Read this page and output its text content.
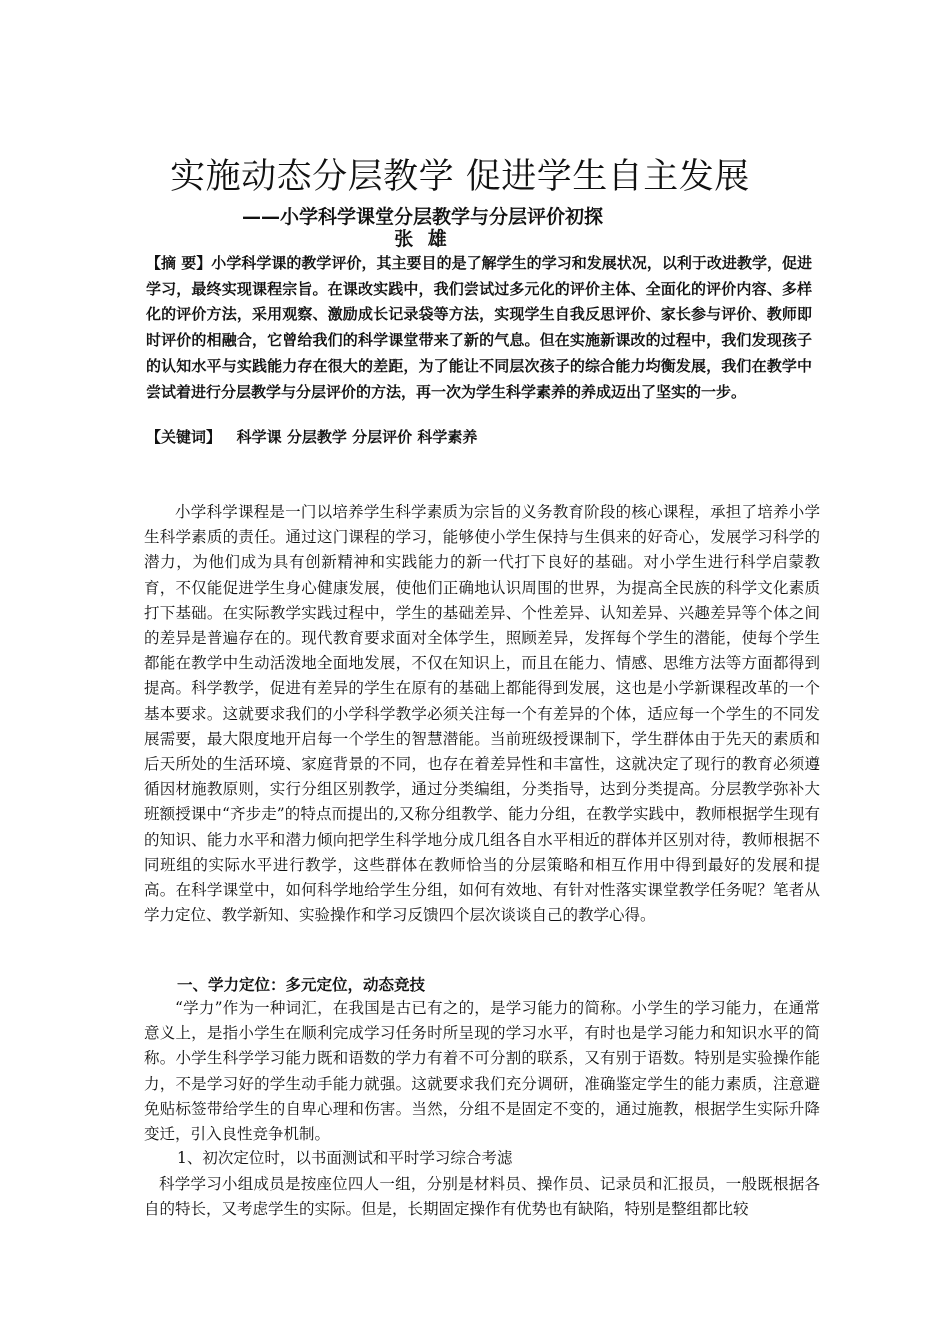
实施动态分层教学 促进学生自主发展
——小学科学课堂分层教学与分层评价初探
张 雄

【摘 要】小学科学课的教学评价，其主要目的是了解学生的学习和发展状况，以利于改进教学，促进学习，最终实现课程宗旨。在课改实践中，我们尝试过多元化的评价主体、全面化的评价内容、多样化的评价方法，采用观察、激励成长记录袋等方法，实现学生自我反思评价、家长参与评价、教师即时评价的相融合，它曾给我们的科学课堂带来了新的气息。但在实施新课改的过程中，我们发现孩子的认知水平与实践能力存在很大的差距，为了能让不同层次孩子的综合能力均衡发展，我们在教学中尝试着进行分层教学与分层评价的方法，再一次为学生科学素养的养成迈出了坚实的一步。

【关键词】   科学课 分层教学 分层评价 科学素养

小学科学课程是一门以培养学生科学素质为宗旨的义务教育阶段的核心课程，承担了培养小学生科学素质的责任。通过这门课程的学习，能够使小学生保持与生俱来的好奇心，发展学习科学的潜力，为他们成为具有创新精神和实践能力的新一代打下良好的基础。对小学生进行科学启蒙教育，不仅能促进学生身心健康发展，使他们正确地认识周围的世界，为提高全民族的科学文化素质打下基础。在实际教学实践过程中，学生的基础差异、个性差异、认知差异、兴趣差异等个体之间的差异是普遍存在的。现代教育要求面对全体学生，照顾差异，发挥每个学生的潜能，使每个学生都能在教学中生动活泼地全面地发展，不仅在知识上，而且在能力、情感、思维方法等方面都得到提高。科学教学，促进有差异的学生在原有的基础上都能得到发展，这也是小学新课程改革的一个基本要求。这就要求我们的小学科学教学必须关注每一个有差异的个体，适应每一个学生的不同发展需要，最大限度地开启每一个学生的智慧潜能。当前班级授课制下，学生群体由于先天的素质和后天所处的生活环境、家庭背景的不同，也存在着差异性和丰富性，这就决定了现行的教育必须遵循因材施教原则，实行分组区别教学，通过分类编组，分类指导，达到分类提高。分层教学弥补大班额授课中“齐步走”的特点而提出的,又称分组教学、能力分组，在教学实践中，教师根据学生现有的知识、能力水平和潜力倾向把学生科学地分成几组各自水平相近的群体并区别对待，教师根据不同班组的实际水平进行教学，这些群体在教师恰当的分层策略和相互作用中得到最好的发展和提高。在科学课堂中，如何科学地给学生分组，如何有效地、有针对性落实课堂教学任务呢？笔者从学力定位、教学新知、实验操作和学习反馈四个层次谈谈自己的教学心得。

一、学力定位：多元定位，动态竞技

“学力”作为一种词汇，在我国是古已有之的，是学习能力的简称。小学生的学习能力，在通常意义上，是指小学生在顺利完成学习任务时所呈现的学习水平，有时也是学习能力和知识水平的简称。小学生科学学习能力既和语数的学力有着不可分割的联系，又有别于语数。特别是实验操作能力，不是学习好的学生动手能力就强。这就要求我们充分调研，准确鉴定学生的能力素质，注意避免贴标签带给学生的自卑心理和伤害。当然，分组不是固定不变的，通过施教，根据学生实际升降变迁，引入良性竞争机制。

1、初次定位时，以书面测试和平时学习综合考滤

科学学习小组成员是按座位四人一组，分别是材料员、操作员、记录员和汇报员，一般既根据各自的特长，又考虑学生的实际。但是，长期固定操作有优势也有缺陷，特别是整组都比较
